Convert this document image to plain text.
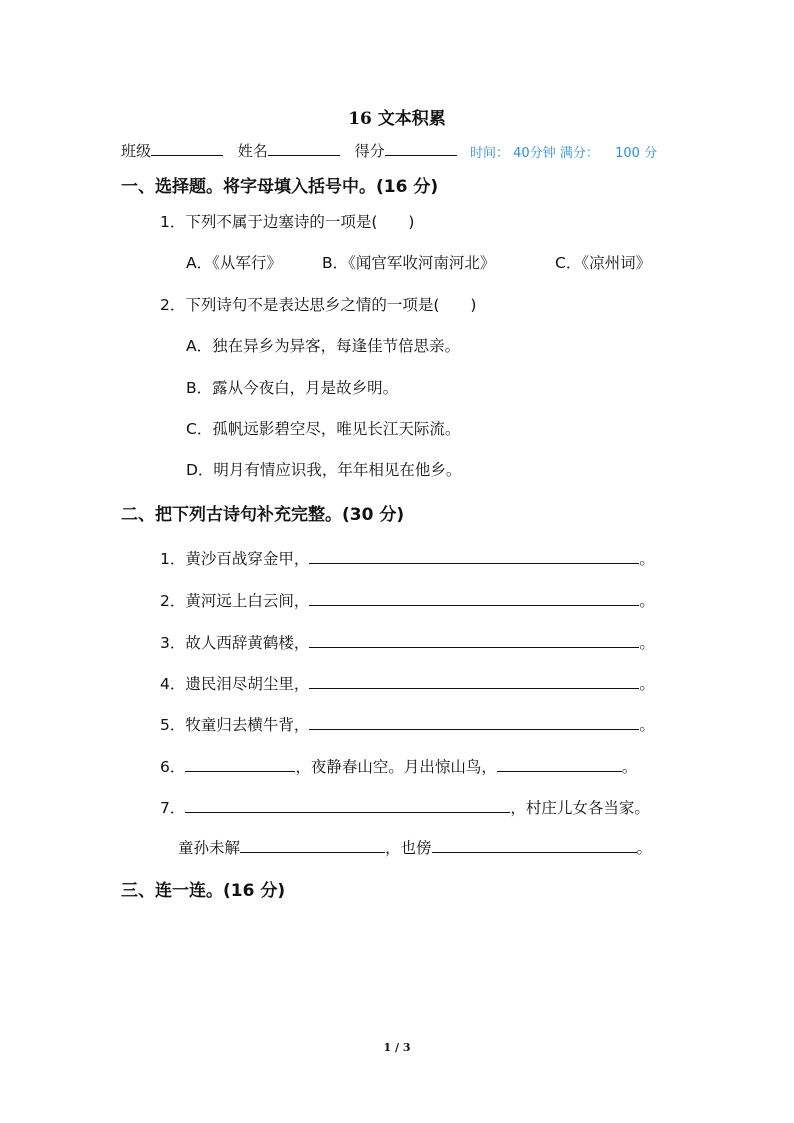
16 文本积累
班级	姓名	得分	时间： 40分钟 满分： 100 分
一、选择题。将字母填入括号中。(16 分)
1．下列不属于边塞诗的一项是(　　)
A．《从军行》	B．《闻官军收河南河北》	C．《凉州词》
2．下列诗句不是表达思乡之情的一项是(　　)
A．独在异乡为异客，每逢佳节倍思亲。
B．露从今夜白，月是故乡明。
C．孤帆远影碧空尽，唯见长江天际流。
D．明月有情应识我，年年相见在他乡。
二、把下列古诗句补充完整。(30 分)
1．黄沙百战穿金甲，	。
2．黄河远上白云间，	。
3．故人西辞黄鹤楼，	。
4．遗民泪尽胡尘里，	。
5．牧童归去横牛背，	。
6．	，夜静春山空。月出惊山鸟，	。
7．	，村庄儿女各当家。
童孙未解	，也傍	。
三、连一连。(16 分)
1 / 3
